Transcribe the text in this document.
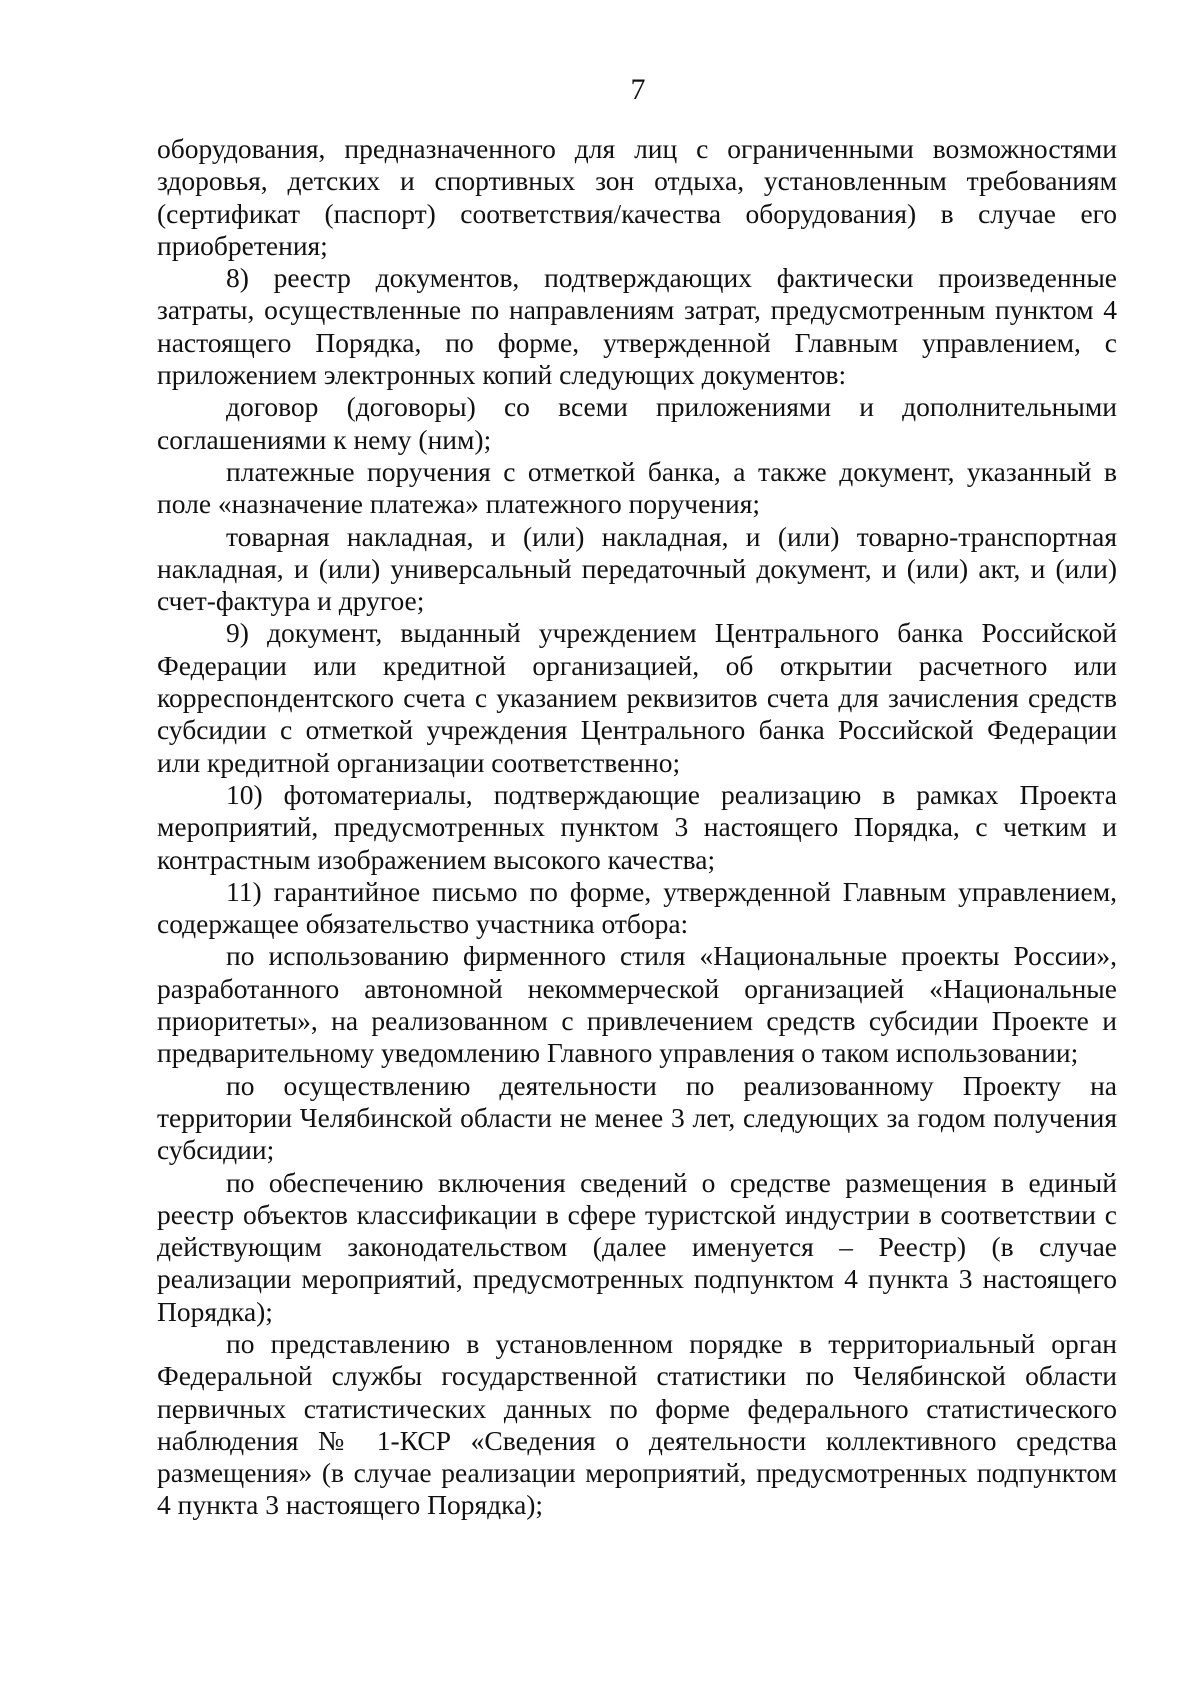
7

оборудования, предназначенного для лиц с ограниченными возможностями здоровья, детских и спортивных зон отдыха, установленным требованиям (сертификат (паспорт) соответствия/качества оборудования) в случае его приобретения;

8) реестр документов, подтверждающих фактически произведенные затраты, осуществленные по направлениям затрат, предусмотренным пунктом 4 настоящего Порядка, по форме, утвержденной Главным управлением, с приложением электронных копий следующих документов:

договор (договоры) со всеми приложениями и дополнительными соглашениями к нему (ним);

платежные поручения с отметкой банка, а также документ, указанный в поле «назначение платежа» платежного поручения;

товарная накладная, и (или) накладная, и (или) товарно-транспортная накладная, и (или) универсальный передаточный документ, и (или) акт, и (или) счет-фактура и другое;

9) документ, выданный учреждением Центрального банка Российской Федерации или кредитной организацией, об открытии расчетного или корреспондентского счета с указанием реквизитов счета для зачисления средств субсидии с отметкой учреждения Центрального банка Российской Федерации или кредитной организации соответственно;

10) фотоматериалы, подтверждающие реализацию в рамках Проекта мероприятий, предусмотренных пунктом 3 настоящего Порядка, с четким и контрастным изображением высокого качества;

11) гарантийное письмо по форме, утвержденной Главным управлением, содержащее обязательство участника отбора:

по использованию фирменного стиля «Национальные проекты России», разработанного автономной некоммерческой организацией «Национальные приоритеты», на реализованном с привлечением средств субсидии Проекте и предварительному уведомлению Главного управления о таком использовании;

по осуществлению деятельности по реализованному Проекту на территории Челябинской области не менее 3 лет, следующих за годом получения субсидии;

по обеспечению включения сведений о средстве размещения в единый реестр объектов классификации в сфере туристской индустрии в соответствии с действующим законодательством (далее именуется – Реестр) (в случае реализации мероприятий, предусмотренных подпунктом 4 пункта 3 настоящего Порядка);

по представлению в установленном порядке в территориальный орган Федеральной службы государственной статистики по Челябинской области первичных статистических данных по форме федерального статистического наблюдения № 1-КСР «Сведения о деятельности коллективного средства размещения» (в случае реализации мероприятий, предусмотренных подпунктом 4 пункта 3 настоящего Порядка);
